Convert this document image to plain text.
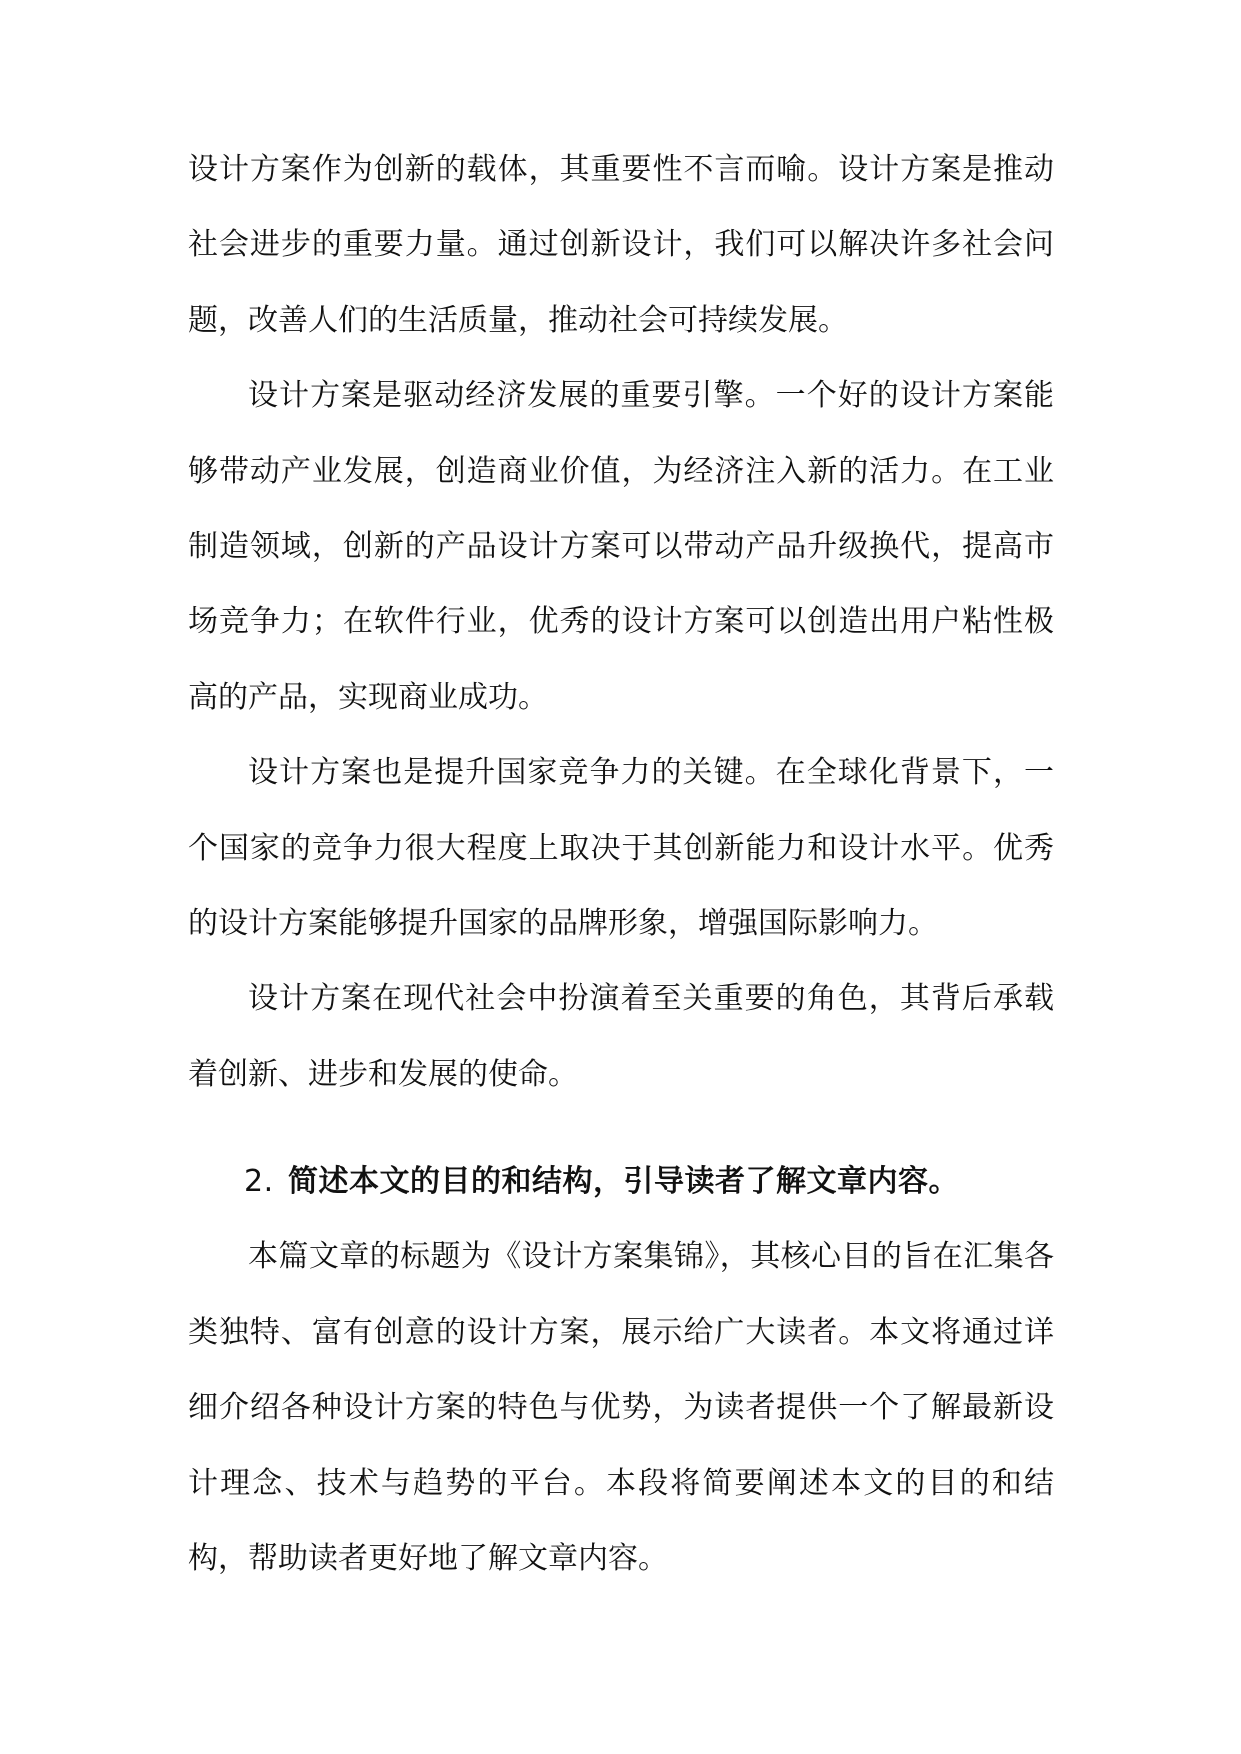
设计方案作为创新的载体，其重要性不言而喻。设计方案是推动社会进步的重要力量。通过创新设计，我们可以解决许多社会问题，改善人们的生活质量，推动社会可持续发展。

设计方案是驱动经济发展的重要引擎。一个好的设计方案能够带动产业发展，创造商业价值，为经济注入新的活力。在工业制造领域，创新的产品设计方案可以带动产品升级换代，提高市场竞争力；在软件行业，优秀的设计方案可以创造出用户粘性极高的产品，实现商业成功。

设计方案也是提升国家竞争力的关键。在全球化背景下，一个国家的竞争力很大程度上取决于其创新能力和设计水平。优秀的设计方案能够提升国家的品牌形象，增强国际影响力。

设计方案在现代社会中扮演着至关重要的角色，其背后承载着创新、进步和发展的使命。

2. 简述本文的目的和结构，引导读者了解文章内容。

本篇文章的标题为《设计方案集锦》，其核心目的旨在汇集各类独特、富有创意的设计方案，展示给广大读者。本文将通过详细介绍各种设计方案的特色与优势，为读者提供一个了解最新设计理念、技术与趋势的平台。本段将简要阐述本文的目的和结构，帮助读者更好地了解文章内容。
